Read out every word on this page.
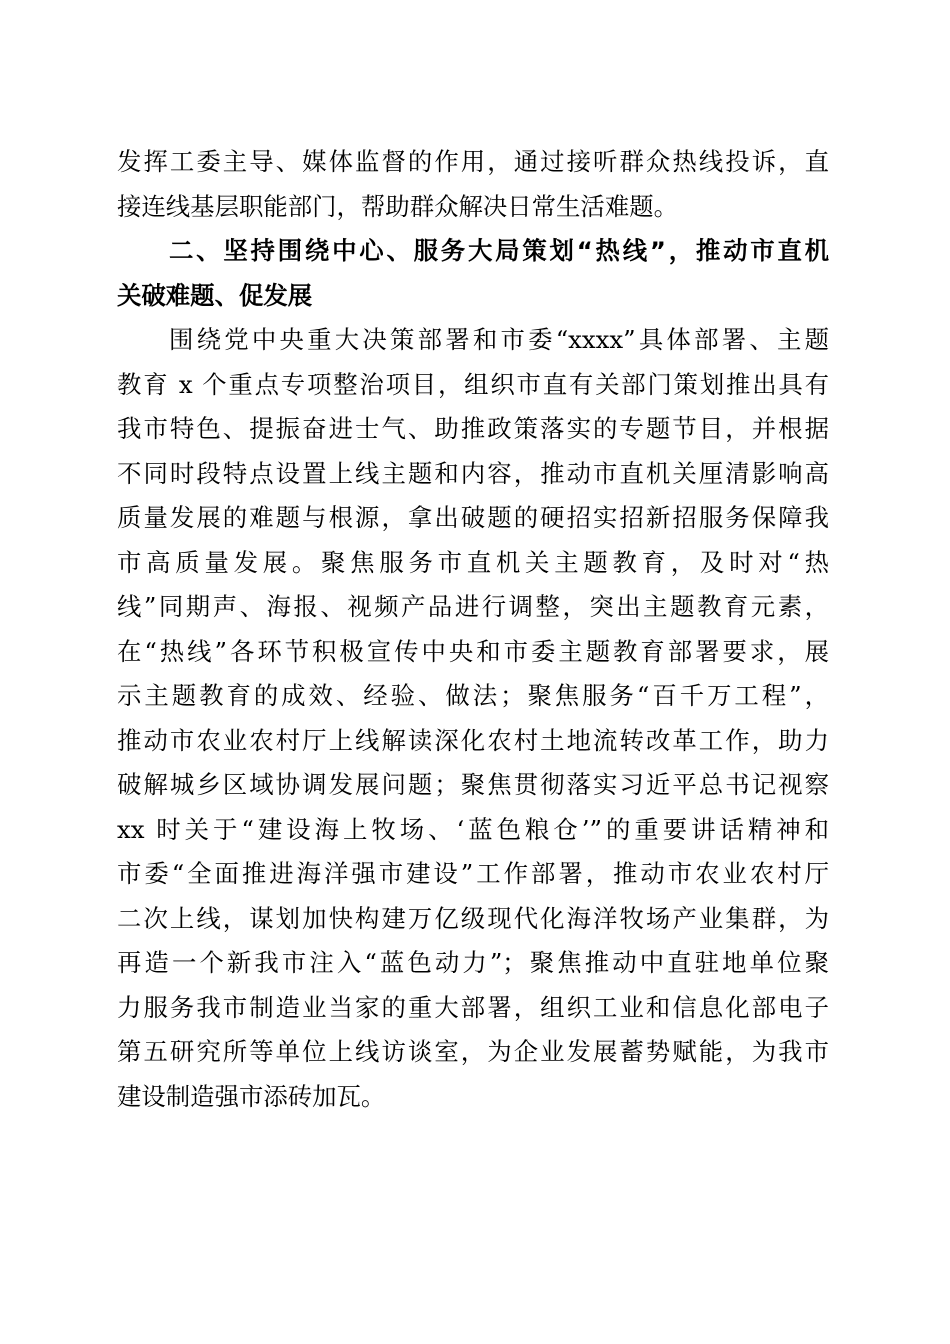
发挥工委主导、媒体监督的作用，通过接听群众热线投诉，直
接连线基层职能部门，帮助群众解决日常生活难题。
二、坚持围绕中心、服务大局策划“热线”，推动市直机
关破难题、促发展
围绕党中央重大决策部署和市委“xxxx”具体部署、主题
教育 x 个重点专项整治项目，组织市直有关部门策划推出具有
我市特色、提振奋进士气、助推政策落实的专题节目，并根据
不同时段特点设置上线主题和内容，推动市直机关厘清影响高
质量发展的难题与根源，拿出破题的硬招实招新招服务保障我
市高质量发展。聚焦服务市直机关主题教育，及时对“热
线”同期声、海报、视频产品进行调整，突出主题教育元素，
在“热线”各环节积极宣传中央和市委主题教育部署要求，展
示主题教育的成效、经验、做法；聚焦服务“百千万工程”，
推动市农业农村厅上线解读深化农村土地流转改革工作，助力
破解城乡区域协调发展问题；聚焦贯彻落实习近平总书记视察
xx 时关于“建设海上牧场、‘蓝色粮仓’”的重要讲话精神和
市委“全面推进海洋强市建设”工作部署，推动市农业农村厅
二次上线，谋划加快构建万亿级现代化海洋牧场产业集群，为
再造一个新我市注入“蓝色动力”；聚焦推动中直驻地单位聚
力服务我市制造业当家的重大部署，组织工业和信息化部电子
第五研究所等单位上线访谈室，为企业发展蓄势赋能，为我市
建设制造强市添砖加瓦。
